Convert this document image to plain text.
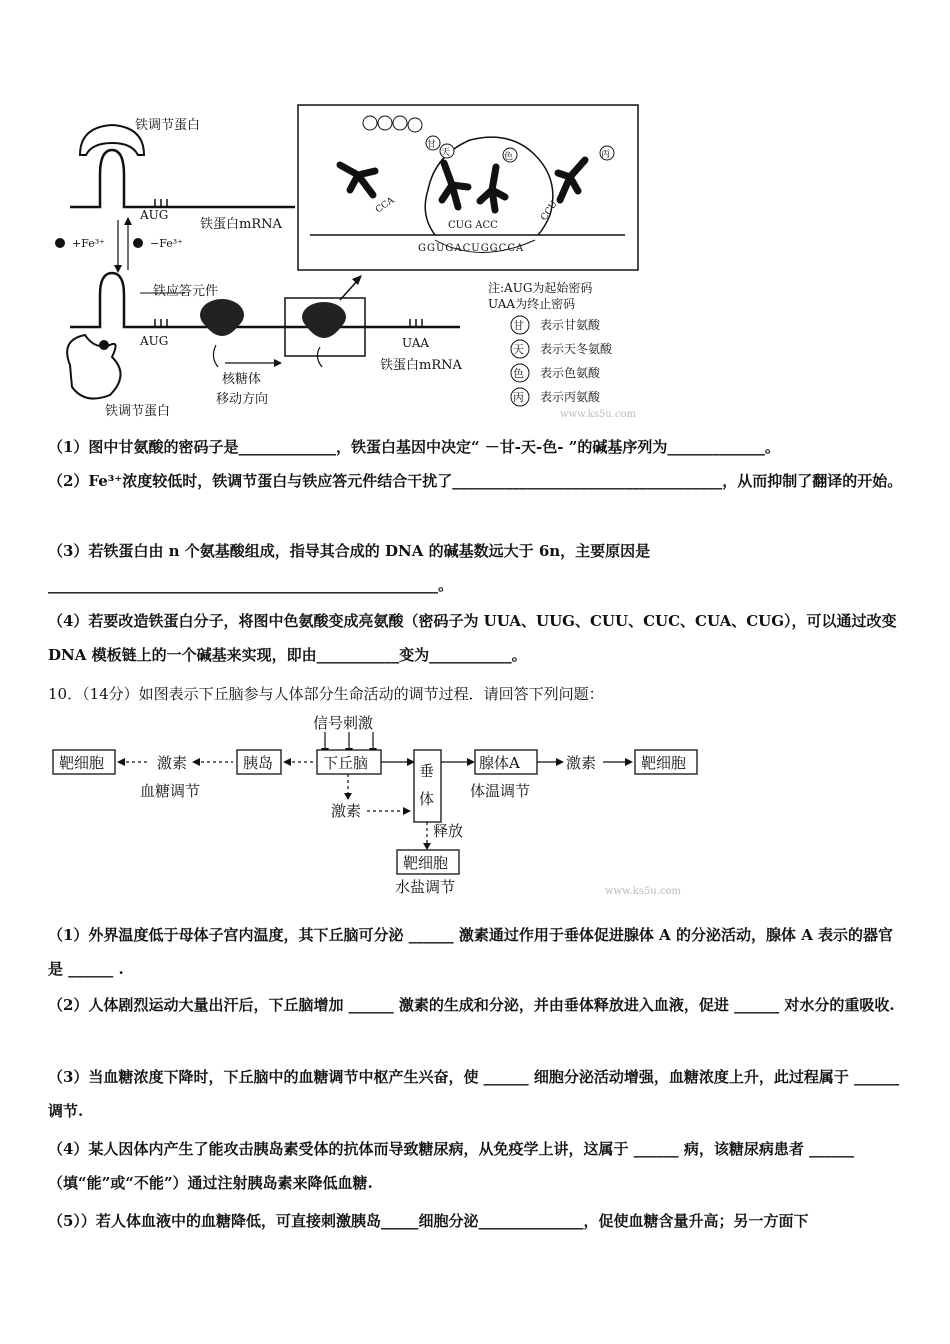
铁调节蛋白
AUG
铁蛋白mRNA
+Fe³⁺	−Fe³⁺
铁应答元件
AUG	UAA
铁蛋白mRNA
铁调节蛋白
核糖体
移动方向
甘
天	色	丙
CCA
CUG ACC
CCU
GGUGACUGGCCA
注:AUG为起始密码
UAA为终止密码
甘 表示甘氨酸
天 表示天冬氨酸
色 表示色氨酸
丙 表示丙氨酸
www.ks5u.com

（1）图中甘氨酸的密码子是_____________，铁蛋白基因中决定“ －甘-天-色- ”的碱基序列为_____________。

（2）Fe³⁺浓度较低时，铁调节蛋白与铁应答元件结合干扰了____________________________________，从而抑制了翻译的开始。

（3）若铁蛋白由 n 个氨基酸组成，指导其合成的 DNA 的碱基数远大于 6n，主要原因是____________________________________________________。

（4）若要改造铁蛋白分子，将图中色氨酸变成亮氨酸（密码子为 UUA、UUG、CUU、CUC、CUA、CUG），可以通过改变 DNA 模板链上的一个碱基来实现，即由___________变为___________。

10．（14分）如图表示下丘脑参与人体部分生命活动的调节过程．请回答下列问题：
信号刺激
靶细胞	激素
血糖调节
胰岛	下丘脑
激素
垂
体
腺体A
体温调节
激素	靶细胞
释放
靶细胞
水盐调节	www.ks5u.com

（1）外界温度低于母体子宫内温度，其下丘脑可分泌 ______ 激素通过作用于垂体促进腺体 A 的分泌活动，腺体 A 表示的器官是 ______ .

（2）人体剧烈运动大量出汗后，下丘脑增加 ______ 激素的生成和分泌，并由垂体释放进入血液，促进 ______ 对水分的重吸收.

（3）当血糖浓度下降时，下丘脑中的血糖调节中枢产生兴奋，使 ______ 细胞分泌活动增强，血糖浓度上升，此过程属于 ______ 调节.

（4）某人因体内产生了能攻击胰岛素受体的抗体而导致糖尿病，从免疫学上讲，这属于 ______ 病，该糖尿病患者 ______（填“能”或“不能”）通过注射胰岛素来降低血糖.

（5））若人体血液中的血糖降低，可直接刺激胰岛_____细胞分泌______________，促使血糖含量升高；另一方面下
